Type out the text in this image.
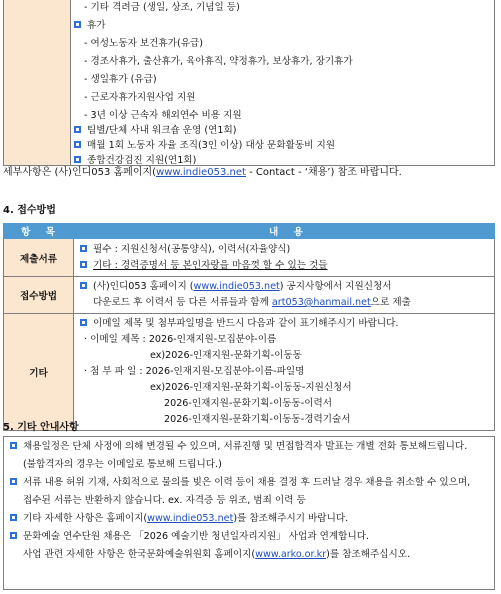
- 기타 격려금 (생일, 상조, 기념일 등)
휴가
- 여성노동자 보건휴가(유급)
- 경조사휴가, 출산휴가, 육아휴직, 약정휴가, 보상휴가, 장기휴가
- 생일휴가 (유급)
- 근로자휴가지원사업 지원
- 3년 이상 근속자 해외연수 비용 지원
팀별/단체 사내 워크숍 운영 (연1회)
매월 1회 노동자 자율 조직(3인 이상) 대상 문화활동비 지원
종합건강검진 지원(연1회)
세부사항은 (사)인디053 홈페이지(www.indie053.net - Contact - ‘채용’) 참조 바랍니다.
4. 접수방법
항 목	내 용
제출서류
필수 : 지원신청서(공통양식), 이력서(자율양식)
기타 : 경력증명서 등 본인자랑을 마음껏 할 수 있는 것들
접수방법
(사)인디053 홈페이지 (www.indie053.net) 공지사항에서 지원신청서
다운로드 후 이력서 등 다른 서류들과 함께 art053@hanmail.net으로 제출
기타
이메일 제목 및 첨부파일명을 반드시 다음과 같이 표기해주시기 바랍니다.
· 이메일 제목 : 2026-인재지원-모집분야-이름
ex)2026-인재지원-문화기획-이동동
· 첨 부 파 일 : 2026-인재지원-모집분야-이름-파일명
ex)2026-인재지원-문화기획-이동동-지원신청서
2026-인재지원-문화기획-이동동-이력서
2026-인재지원-문화기획-이동동-경력기술서
5. 기타 안내사항
채용일정은 단체 사정에 의해 변경될 수 있으며, 서류진행 및 면접합격자 발표는 개별 전화 통보해드립니다.
(불합격자의 경우는 이메일로 통보해 드립니다.)
서류 내용 허위 기재, 사회적으로 물의를 빚은 이력 등이 채용 결정 후 드러날 경우 채용을 취소할 수 있으며,
접수된 서류는 반환하지 않습니다. ex. 자격증 등 위조, 범죄 이력 등
기타 자세한 사항은 홈페이지(www.indie053.net)를 참조해주시기 바랍니다.
문화예술 연수단원 채용은 「2026 예술기반 청년일자리지원」 사업과 연계합니다.
사업 관련 자세한 사항은 한국문화예술위원회 홈페이지(www.arko.or.kr)를 참조해주십시오.
